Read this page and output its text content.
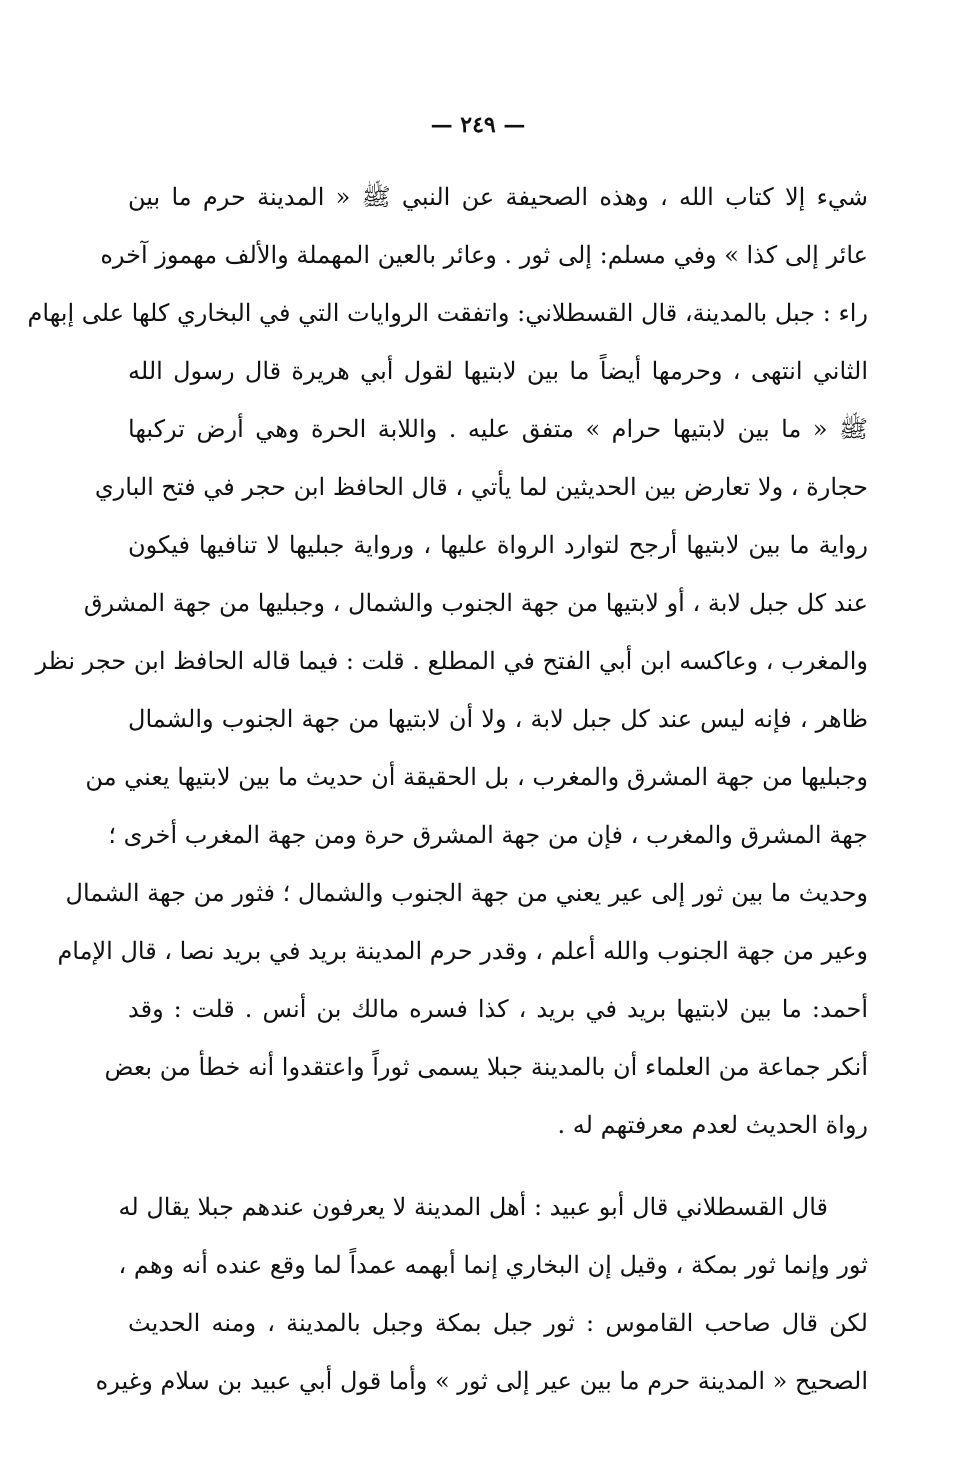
— ٢٤٩ —
شيء إلا كتاب الله ، وهذه الصحيفة عن النبي ﷺ « المدينة حرم ما بين
عائر إلى كذا » وفي مسلم: إلى ثور . وعائر بالعين المهملة والألف مهموز آخره
راء : جبل بالمدينة، قال القسطلاني: واتفقت الروايات التي في البخاري كلها على إبهام
الثاني انتهى ، وحرمها أيضاً ما بين لابتيها لقول أبي هريرة قال رسول الله
ﷺ « ما بين لابتيها حرام » متفق عليه . واللابة الحرة وهي أرض تركبها
حجارة ، ولا تعارض بين الحديثين لما يأتي ، قال الحافظ ابن حجر في فتح الباري
رواية ما بين لابتيها أرجح لتوارد الرواة عليها ، ورواية جبليها لا تنافيها فيكون
عند كل جبل لابة ، أو لابتيها من جهة الجنوب والشمال ، وجبليها من جهة المشرق
والمغرب ، وعاكسه ابن أبي الفتح في المطلع . قلت : فيما قاله الحافظ ابن حجر نظر
ظاهر ، فإنه ليس عند كل جبل لابة ، ولا أن لابتيها من جهة الجنوب والشمال
وجبليها من جهة المشرق والمغرب ، بل الحقيقة أن حديث ما بين لابتيها يعني من
جهة المشرق والمغرب ، فإن من جهة المشرق حرة ومن جهة المغرب أخرى ؛
وحديث ما بين ثور إلى عير يعني من جهة الجنوب والشمال ؛ فثور من جهة الشمال
وعير من جهة الجنوب والله أعلم ، وقدر حرم المدينة بريد في بريد نصا ، قال الإمام
أحمد: ما بين لابتيها بريد في بريد ، كذا فسره مالك بن أنس . قلت : وقد
أنكر جماعة من العلماء أن بالمدينة جبلا يسمى ثوراً واعتقدوا أنه خطأ من بعض
رواة الحديث لعدم معرفتهم له .
قال القسطلاني قال أبو عبيد : أهل المدينة لا يعرفون عندهم جبلا يقال له
ثور وإنما ثور بمكة ، وقيل إن البخاري إنما أبهمه عمداً لما وقع عنده أنه وهم ،
لكن قال صاحب القاموس : ثور جبل بمكة وجبل بالمدينة ، ومنه الحديث
الصحيح « المدينة حرم ما بين عير إلى ثور » وأما قول أبي عبيد بن سلام وغيره
